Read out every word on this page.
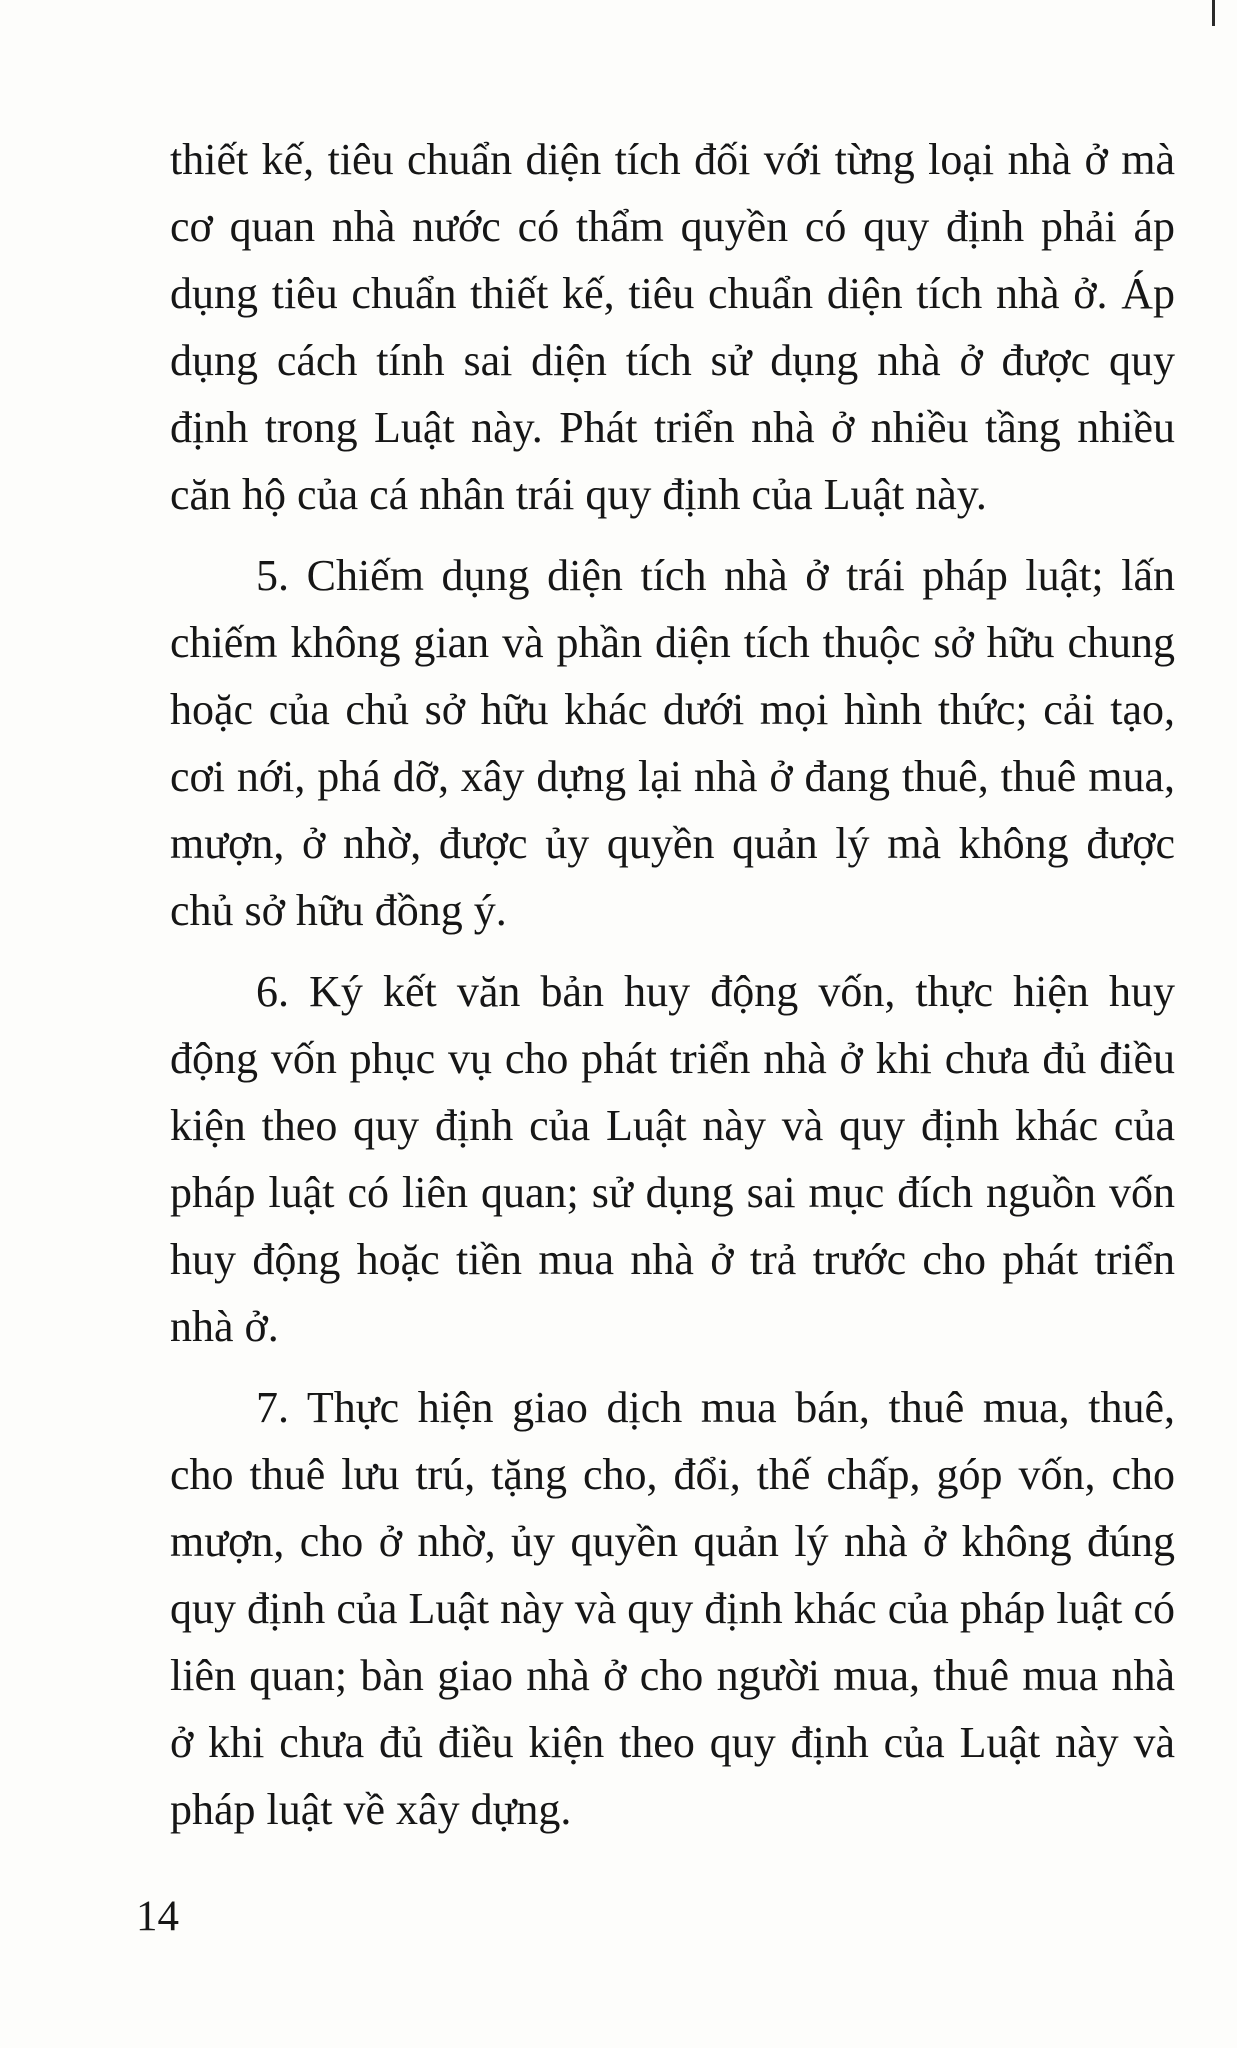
thiết kế, tiêu chuẩn diện tích đối với từng loại nhà ở mà cơ quan nhà nước có thẩm quyền có quy định phải áp dụng tiêu chuẩn thiết kế, tiêu chuẩn diện tích nhà ở. Áp dụng cách tính sai diện tích sử dụng nhà ở được quy định trong Luật này. Phát triển nhà ở nhiều tầng nhiều căn hộ của cá nhân trái quy định của Luật này.

5. Chiếm dụng diện tích nhà ở trái pháp luật; lấn chiếm không gian và phần diện tích thuộc sở hữu chung hoặc của chủ sở hữu khác dưới mọi hình thức; cải tạo, cơi nới, phá dỡ, xây dựng lại nhà ở đang thuê, thuê mua, mượn, ở nhờ, được ủy quyền quản lý mà không được chủ sở hữu đồng ý.

6. Ký kết văn bản huy động vốn, thực hiện huy động vốn phục vụ cho phát triển nhà ở khi chưa đủ điều kiện theo quy định của Luật này và quy định khác của pháp luật có liên quan; sử dụng sai mục đích nguồn vốn huy động hoặc tiền mua nhà ở trả trước cho phát triển nhà ở.

7. Thực hiện giao dịch mua bán, thuê mua, thuê, cho thuê lưu trú, tặng cho, đổi, thế chấp, góp vốn, cho mượn, cho ở nhờ, ủy quyền quản lý nhà ở không đúng quy định của Luật này và quy định khác của pháp luật có liên quan; bàn giao nhà ở cho người mua, thuê mua nhà ở khi chưa đủ điều kiện theo quy định của Luật này và pháp luật về xây dựng.

14
